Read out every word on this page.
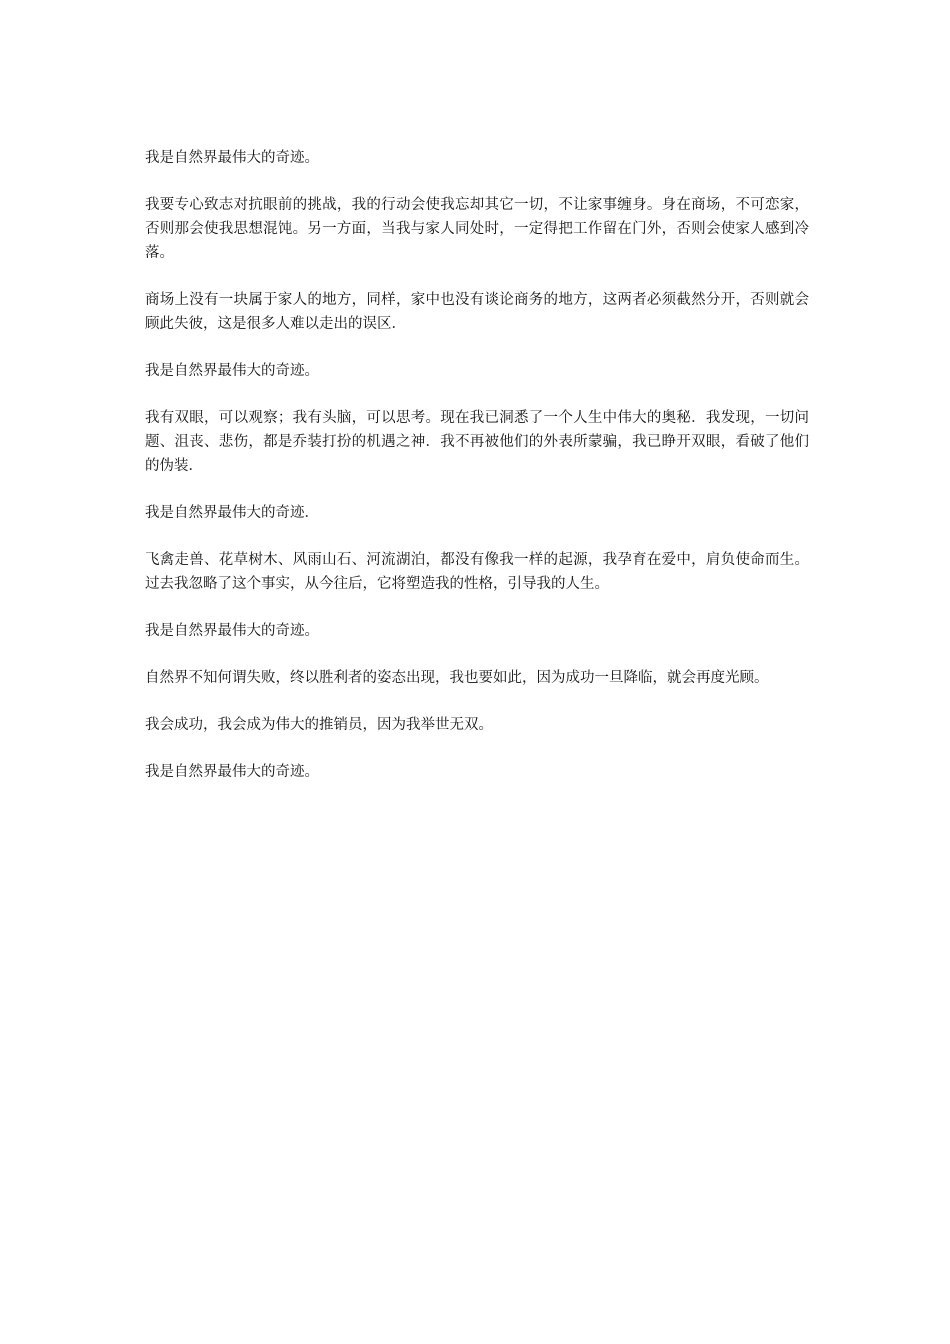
我是自然界最伟大的奇迹。

我要专心致志对抗眼前的挑战，我的行动会使我忘却其它一切，不让家事缠身。身在商场，不可恋家，否则那会使我思想混饨。另一方面，当我与家人同处时，一定得把工作留在门外，否则会使家人感到冷落。

商场上没有一块属于家人的地方，同样，家中也没有谈论商务的地方，这两者必须截然分开，否则就会顾此失彼，这是很多人难以走出的误区．

我是自然界最伟大的奇迹。

我有双眼，可以观察；我有头脑，可以思考。现在我已洞悉了一个人生中伟大的奥秘．我发现，一切问题、沮丧、悲伤，都是乔装打扮的机遇之神．我不再被他们的外表所蒙骗，我已睁开双眼，看破了他们的伪装．

我是自然界最伟大的奇迹．

飞禽走兽、花草树木、风雨山石、河流湖泊，都没有像我一样的起源，我孕育在爱中，肩负使命而生。过去我忽略了这个事实，从今往后，它将塑造我的性格，引导我的人生。

我是自然界最伟大的奇迹。

自然界不知何谓失败，终以胜利者的姿态出现，我也要如此，因为成功一旦降临，就会再度光顾。

我会成功，我会成为伟大的推销员，因为我举世无双。

我是自然界最伟大的奇迹。
